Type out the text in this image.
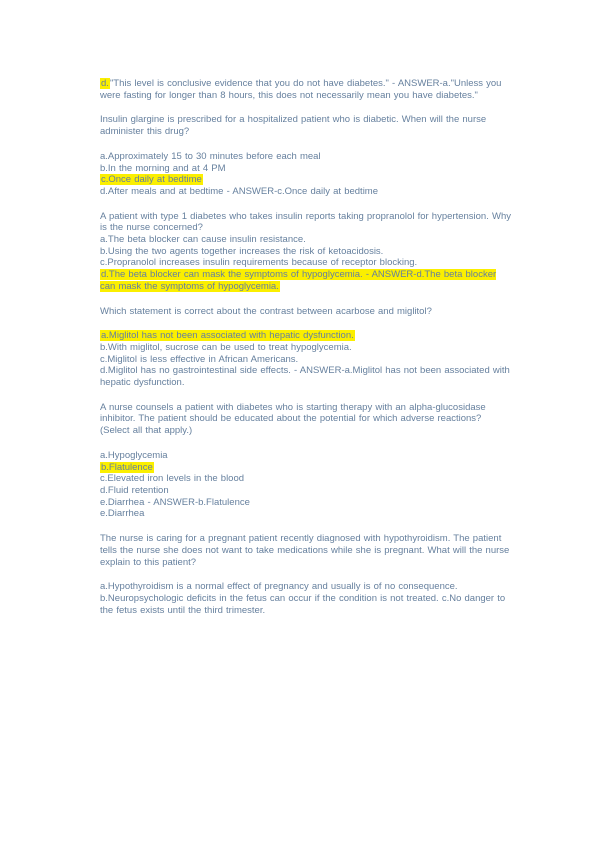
d."This level is conclusive evidence that you do not have diabetes." - ANSWER-a."Unless you were fasting for longer than 8 hours, this does not necessarily mean you have diabetes."
Insulin glargine is prescribed for a hospitalized patient who is diabetic. When will the nurse administer this drug?
a.Approximately 15 to 30 minutes before each meal
b.In the morning and at 4 PM
c.Once daily at bedtime
d.After meals and at bedtime - ANSWER-c.Once daily at bedtime
A patient with type 1 diabetes who takes insulin reports taking propranolol for hypertension. Why is the nurse concerned?
a.The beta blocker can cause insulin resistance.
b.Using the two agents together increases the risk of ketoacidosis.
c.Propranolol increases insulin requirements because of receptor blocking.
d.The beta blocker can mask the symptoms of hypoglycemia. - ANSWER-d.The beta blocker can mask the symptoms of hypoglycemia.
Which statement is correct about the contrast between acarbose and miglitol?
a.Miglitol has not been associated with hepatic dysfunction.
b.With miglitol, sucrose can be used to treat hypoglycemia.
c.Miglitol is less effective in African Americans.
d.Miglitol has no gastrointestinal side effects. - ANSWER-a.Miglitol has not been associated with hepatic dysfunction.
A nurse counsels a patient with diabetes who is starting therapy with an alpha-glucosidase inhibitor. The patient should be educated about the potential for which adverse reactions? (Select all that apply.)
a.Hypoglycemia
b.Flatulence
c.Elevated iron levels in the blood
d.Fluid retention
e.Diarrhea - ANSWER-b.Flatulence
e.Diarrhea
The nurse is caring for a pregnant patient recently diagnosed with hypothyroidism. The patient tells the nurse she does not want to take medications while she is pregnant. What will the nurse explain to this patient?
a.Hypothyroidism is a normal effect of pregnancy and usually is of no consequence. b.Neuropsychologic deficits in the fetus can occur if the condition is not treated. c.No danger to the fetus exists until the third trimester.
